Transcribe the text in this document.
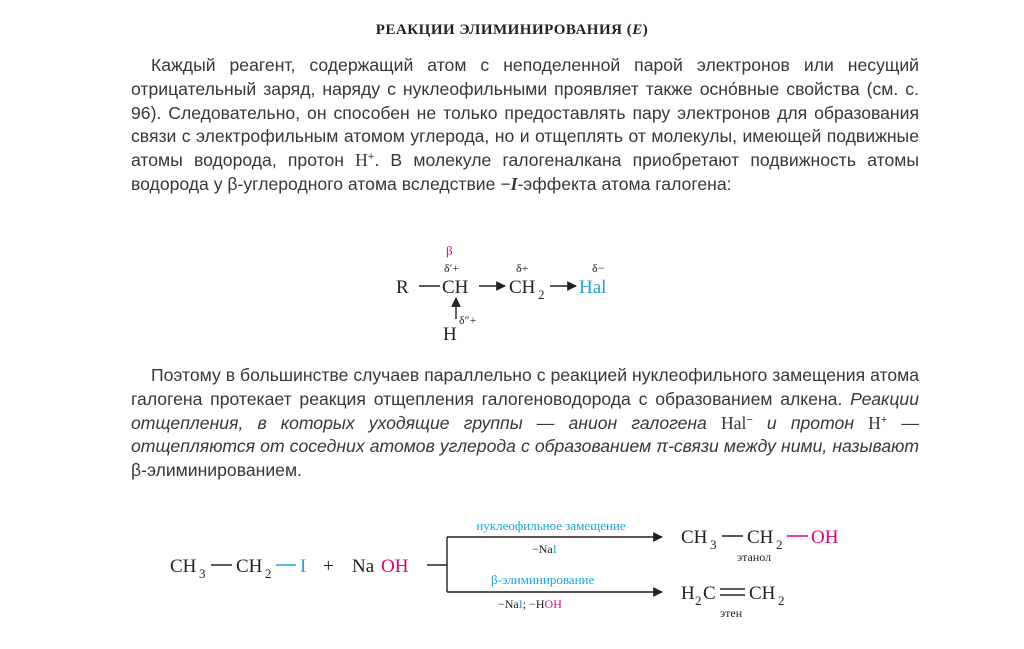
РЕАКЦИИ ЭЛИМИНИРОВАНИЯ (E)

Каждый реагент, содержащий атом с неподеленной парой электронов или несущий отрицательный заряд, наряду с нуклеофильными проявляет также осно́вные свойства (см. с. 96). Следовательно, он способен не только предоставлять пару электронов для образования связи с электрофильным атомом углерода, но и отщеплять от молекулы, имеющей подвижные атомы водорода, протон H+. В молекуле галогеналкана приобретают подвижность атомы водорода у β-углеродного атома вследствие −I-эффекта атома галогена:

Поэтому в большинстве случаев параллельно с реакцией нуклеофильного замещения атома галогена протекает реакция отщепления галогеноводорода с образованием алкена. Реакции отщепления, в которых уходящие группы — анион галогена Hal− и протон H+ — отщепляются от соседних атомов углерода с образованием π-связи между ними, называют β-элиминированием.

R
β
δ′+
CH
δ+
CH 2
δ−
Hal
H
δ″+
CH 3 CH 2 I + Na OH
нуклеофильное замещение
−NaI
β-элиминирование
−NaI; −HOH
CH 3 CH 2 OH
этанол
H 2 C CH 2
этен
